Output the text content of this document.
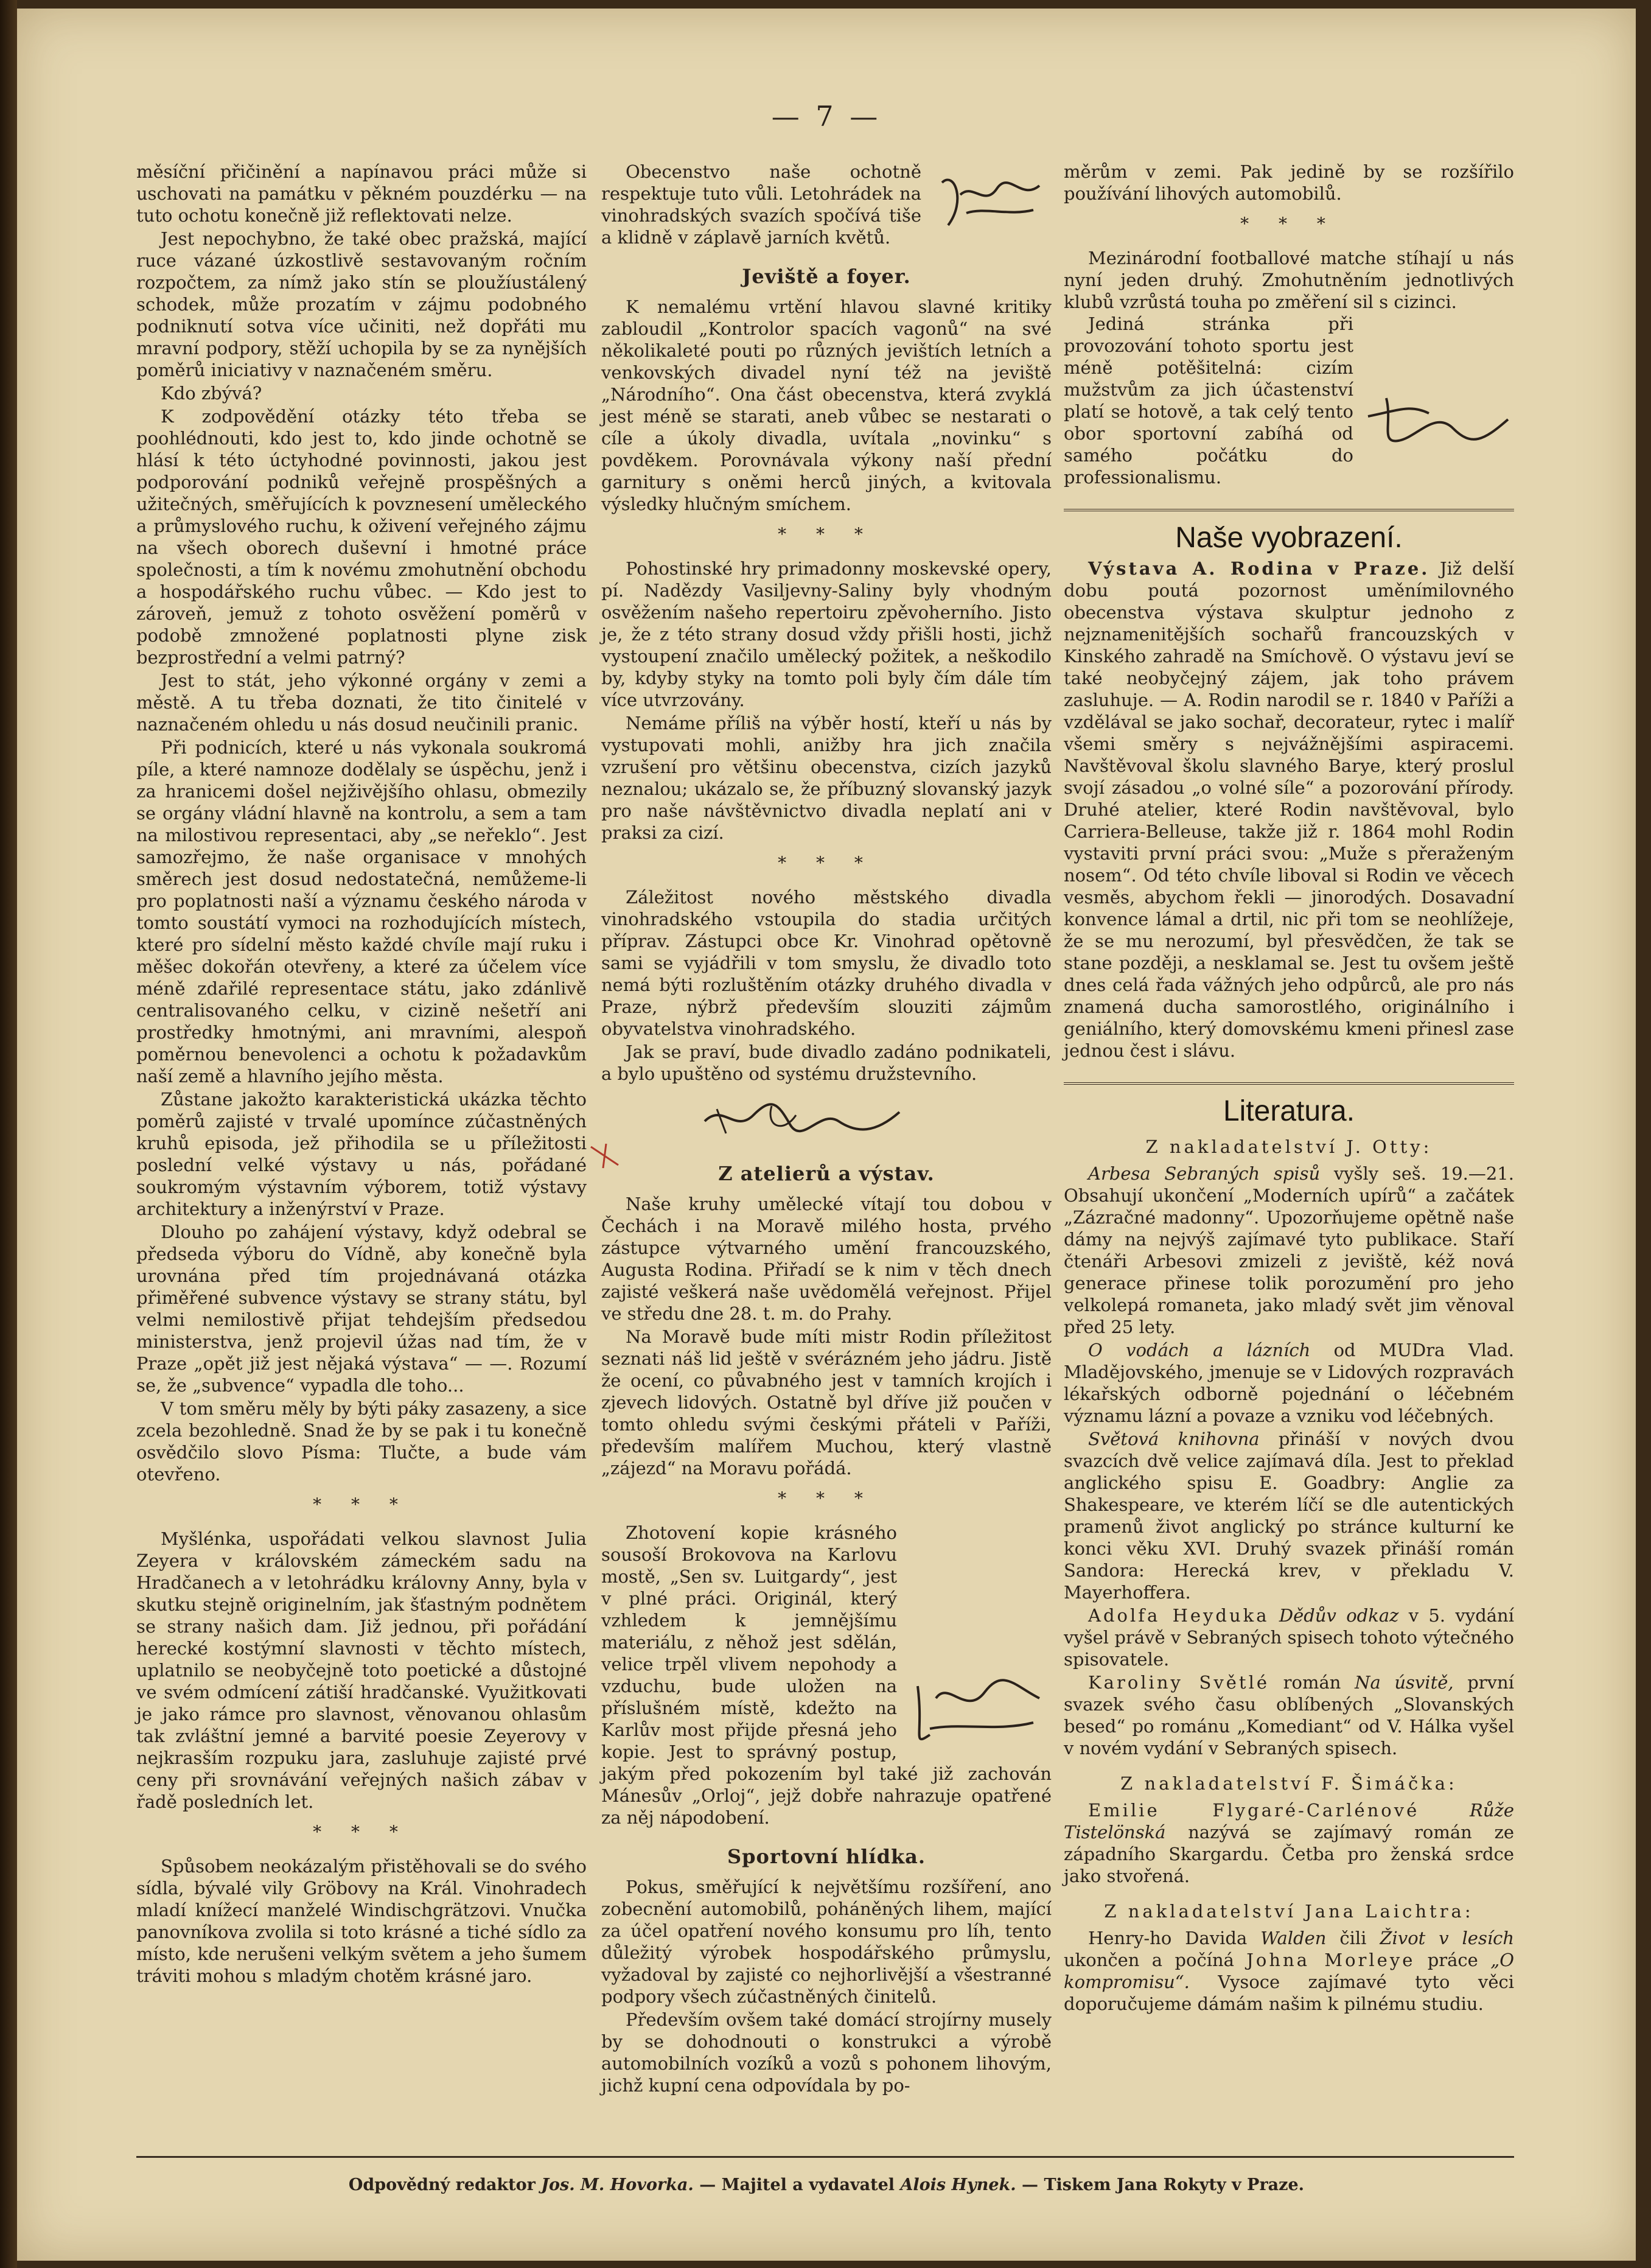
— 7 —

měsíční přičinění a napínavou práci může si uschovati na památku v pěkném pouzdérku — na tuto ochotu konečně již reflektovati nelze.

Jest nepochybno, že také obec pražská, mající ruce vázané úzkostlivě sestavovaným ročním rozpočtem, za nímž jako stín se ploužíustálený schodek, může prozatím v zájmu podobného podniknutí sotva více učiniti, než dopřáti mu mravní podpory, stěží uchopila by se za nynějších poměrů iniciativy v naznačeném směru.

Kdo zbývá?

K zodpovědění otázky této třeba se poohlédnouti, kdo jest to, kdo jinde ochotně se hlásí k této úctyhodné povinnosti, jakou jest podporování podniků veřejně prospěšných a užitečných, směřujících k povznesení uměleckého a průmyslového ruchu, k oživení veřejného zájmu na všech oborech duševní i hmotné práce společnosti, a tím k novému zmohutnění obchodu a hospodářského ruchu vůbec. — Kdo jest to zároveň, jemuž z tohoto osvěžení poměrů v podobě zmnožené poplatnosti plyne zisk bezprostřední a velmi patrný?

Jest to stát, jeho výkonné orgány v zemi a městě. A tu třeba doznati, že tito činitelé v naznačeném ohledu u nás dosud neučinili pranic.

Při podnicích, které u nás vykonala soukromá píle, a které namnoze dodělaly se úspěchu, jenž i za hranicemi došel nejživějšího ohlasu, obmezily se orgány vládní hlavně na kontrolu, a sem a tam na milostivou representaci, aby „se neřeklo“. Jest samozřejmo, že naše organisace v mnohých směrech jest dosud nedostatečná, nemůžeme-li pro poplatnosti naší a významu českého národa v tomto soustátí vymoci na rozhodujících místech, které pro sídelní město každé chvíle mají ruku i měšec dokořán otevřeny, a které za účelem více méně zdařilé representace státu, jako zdánlivě centralisovaného celku, v cizině nešetří ani prostředky hmotnými, ani mravními, alespoň poměrnou benevolenci a ochotu k požadavkům naší země a hlavního jejího města.

Zůstane jakožto karakteristická ukázka těchto poměrů zajisté v trvalé upomínce zúčastněných kruhů episoda, jež přihodila se u příležitosti poslední velké výstavy u nás, pořádané soukromým výstavním výborem, totiž výstavy architektury a inženýrství v Praze.

Dlouho po zahájení výstavy, když odebral se předseda výboru do Vídně, aby konečně byla urovnána před tím projednávaná otázka přiměřené subvence výstavy se strany státu, byl velmi nemilostivě přijat tehdejším předsedou ministerstva, jenž projevil úžas nad tím, že v Praze „opět již jest nějaká výstava“ — —. Rozumí se, že „subvence“ vypadla dle toho...

V tom směru měly by býti páky zasazeny, a sice zcela bezohledně. Snad že by se pak i tu konečně osvědčilo slovo Písma: Tlučte, a bude vám otevřeno.

* * *

Myšlénka, uspořádati velkou slavnost Julia Zeyera v královském zámeckém sadu na Hradčanech a v letohrádku královny Anny, byla v skutku stejně originelním, jak šťastným podnětem se strany našich dam. Již jednou, při pořádání herecké kostýmní slavnosti v těchto místech, uplatnilo se neobyčejně toto poetické a důstojné ve svém odmícení zátiší hradčanské. Využitkovati je jako rámce pro slavnost, věnovanou ohlasům tak zvláštní jemné a barvité poesie Zeyerovy v nejkrasším rozpuku jara, zasluhuje zajisté prvé ceny při srovnávání veřejných našich zábav v řadě posledních let.

* * *

Spůsobem neokázalým přistěhovali se do svého sídla, bývalé vily Gröbovy na Král. Vinohradech mladí knížecí manželé Windischgrätzovi. Vnučka panovníkova zvolila si toto krásné a tiché sídlo za místo, kde nerušeni velkým světem a jeho šumem tráviti mohou s mladým chotěm krásné jaro.

Obecenstvo naše ochotně respektuje tuto vůli. Letohrádek na vinohradských svazích spočívá tiše a klidně v záplavě jarních květů.

Jeviště a foyer.

K nemalému vrtění hlavou slavné kritiky zabloudil „Kontrolor spacích vagonů“ na své několikaleté pouti po různých jevištích letních a venkovských divadel nyní též na jeviště „Národního“. Ona část obecenstva, která zvyklá jest méně se starati, aneb vůbec se nestarati o cíle a úkoly divadla, uvítala „novinku“ s povděkem. Porovnávala výkony naší přední garnitury s oněmi herců jiných, a kvitovala výsledky hlučným smíchem.

* * *

Pohostinské hry primadonny moskevské opery, pí. Nadězdy Vasiljevny-Saliny byly vhodným osvěžením našeho repertoiru zpěvoherního. Jisto je, že z této strany dosud vždy přišli hosti, jichž vystoupení značilo umělecký požitek, a neškodilo by, kdyby styky na tomto poli byly čím dále tím více utvrzovány.

Nemáme příliš na výběr hostí, kteří u nás by vystupovati mohli, anižby hra jich značila vzrušení pro většinu obecenstva, cizích jazyků neznalou; ukázalo se, že příbuzný slovanský jazyk pro naše návštěvnictvo divadla neplatí ani v praksi za cizí.

* * *

Záležitost nového městského divadla vinohradského vstoupila do stadia určitých příprav. Zástupci obce Kr. Vinohrad opětovně sami se vyjádřili v tom smyslu, že divadlo toto nemá býti rozluštěním otázky druhého divadla v Praze, nýbrž především slouziti zájmům obyvatelstva vinohradského.

Jak se praví, bude divadlo zadáno podnikateli, a bylo upuštěno od systému družstevního.

Z atelierů a výstav.

Naše kruhy umělecké vítají tou dobou v Čechách i na Moravě milého hosta, prvého zástupce výtvarného umění francouzského, Augusta Rodina. Přiřadí se k nim v těch dnech zajisté veškerá naše uvědomělá veřejnost. Přijel ve středu dne 28. t. m. do Prahy.

Na Moravě bude míti mistr Rodin příležitost seznati náš lid ještě v svérázném jeho jádru. Jistě že ocení, co půvabného jest v tamních krojích i zjevech lidových. Ostatně byl dříve již poučen v tomto ohledu svými českými přáteli v Paříži, především malířem Muchou, který vlastně „zájezd“ na Moravu pořádá.

* * *

Zhotovení kopie krásného sousoší Brokovova na Karlovu mostě, „Sen sv. Luitgardy“, jest v plné práci. Originál, který vzhledem k jemnějšímu materiálu, z něhož jest sdělán, velice trpěl vlivem nepohody a vzduchu, bude uložen na příslušném místě, kdežto na Karlův most přijde přesná jeho kopie. Jest to správný postup, jakým před pokozením byl také již zachován Mánesův „Orloj“, jejž dobře nahrazuje opatřené za něj nápodobení.

Sportovní hlídka.

Pokus, směřující k největšímu rozšíření, ano zobecnění automobilů, poháněných lihem, mající za účel opatření nového konsumu pro líh, tento důležitý výrobek hospodářského průmyslu, vyžadoval by zajisté co nejhorlivější a všestranné podpory všech zúčastněných činitelů.

Především ovšem také domácí strojírny musely by se dohodnouti o konstrukci a výrobě automobilních vozíků a vozů s pohonem lihovým, jichž kupní cena odpovídala by po-

měrům v zemi. Pak jedině by se rozšířilo používání lihových automobilů.

* * *

Mezinárodní footballové matche stíhají u nás nyní jeden druhý. Zmohutněním jednotlivých klubů vzrůstá touha po změření sil s cizinci.

Jediná stránka při provozování tohoto sportu jest méně potěšitelná: cizím mužstvům za jich účastenství platí se hotově, a tak celý tento obor sportovní zabíhá od samého počátku do professionalismu.

Naše vyobrazení.

Výstava A. Rodina v Praze. Již delší dobu poutá pozornost uměnímilovného obecenstva výstava skulptur jednoho z nejznamenitějších sochařů francouzských v Kinského zahradě na Smíchově. O výstavu jeví se také neobyčejný zájem, jak toho právem zasluhuje. — A. Rodin narodil se r. 1840 v Paříži a vzdělával se jako sochař, decorateur, rytec i malíř všemi směry s nejvážnějšími aspiracemi. Navštěvoval školu slavného Barye, který proslul svojí zásadou „o volné síle“ a pozorování přírody. Druhé atelier, které Rodin navštěvoval, bylo Carriera-Belleuse, takže již r. 1864 mohl Rodin vystaviti první práci svou: „Muže s přeraženým nosem“. Od této chvíle liboval si Rodin ve věcech vesměs, abychom řekli — jinorodých. Dosavadní konvence lámal a drtil, nic při tom se neohlížeje, že se mu nerozumí, byl přesvědčen, že tak se stane později, a nesklamal se. Jest tu ovšem ještě dnes celá řada vážných jeho odpůrců, ale pro nás znamená ducha samorostlého, originálního i geniálního, který domovskému kmeni přinesl zase jednou čest i slávu.

Literatura.
Z nakladatelství J. Otty:

Arbesa Sebraných spisů vyšly seš. 19.—21. Obsahují ukončení „Moderních upírů“ a začátek „Zázračné madonny“. Upozorňujeme opětně naše dámy na nejvýš zajímavé tyto publikace. Staří čtenáři Arbesovi zmizeli z jeviště, kéž nová generace přinese tolik porozumění pro jeho velkolepá romaneta, jako mladý svět jim věnoval před 25 lety.

O vodách a lázních od MUDra Vlad. Mladějovského, jmenuje se v Lidových rozpravách lékařských odborně pojednání o léčebném významu lázní a povaze a vzniku vod léčebných.

Světová knihovna přináší v nových dvou svazcích dvě velice zajímavá díla. Jest to překlad anglického spisu E. Goadbry: Anglie za Shakespeare, ve kterém líčí se dle autentických pramenů život anglický po stránce kulturní ke konci věku XVI. Druhý svazek přináší román Sandora: Herecká krev, v překladu V. Mayerhoffera.

Adolfa Heyduka Dědův odkaz v 5. vydání vyšel právě v Sebraných spisech tohoto výtečného spisovatele.

Karoliny Světlé román Na úsvitě, první svazek svého času oblíbených „Slovanských besed“ po románu „Komediant“ od V. Hálka vyšel v novém vydání v Sebraných spisech.

Z nakladatelství F. Šimáčka:

Emilie Flygaré-Carlénové	Růže Tistelönská nazývá se zajímavý román ze západního Skargardu. Četba pro ženská srdce jako stvořená.

Z nakladatelství Jana Laichtra:

Henry-ho Davida Walden čili Život v lesích ukončen a počíná Johna Morleye práce „O kompromisu“. Vysoce zajímavé tyto věci doporučujeme dámám našim k pilnému studiu.

Odpovědný redaktor Jos. M. Hovorka. — Majitel a vydavatel Alois Hynek. — Tiskem Jana Rokyty v Praze.
